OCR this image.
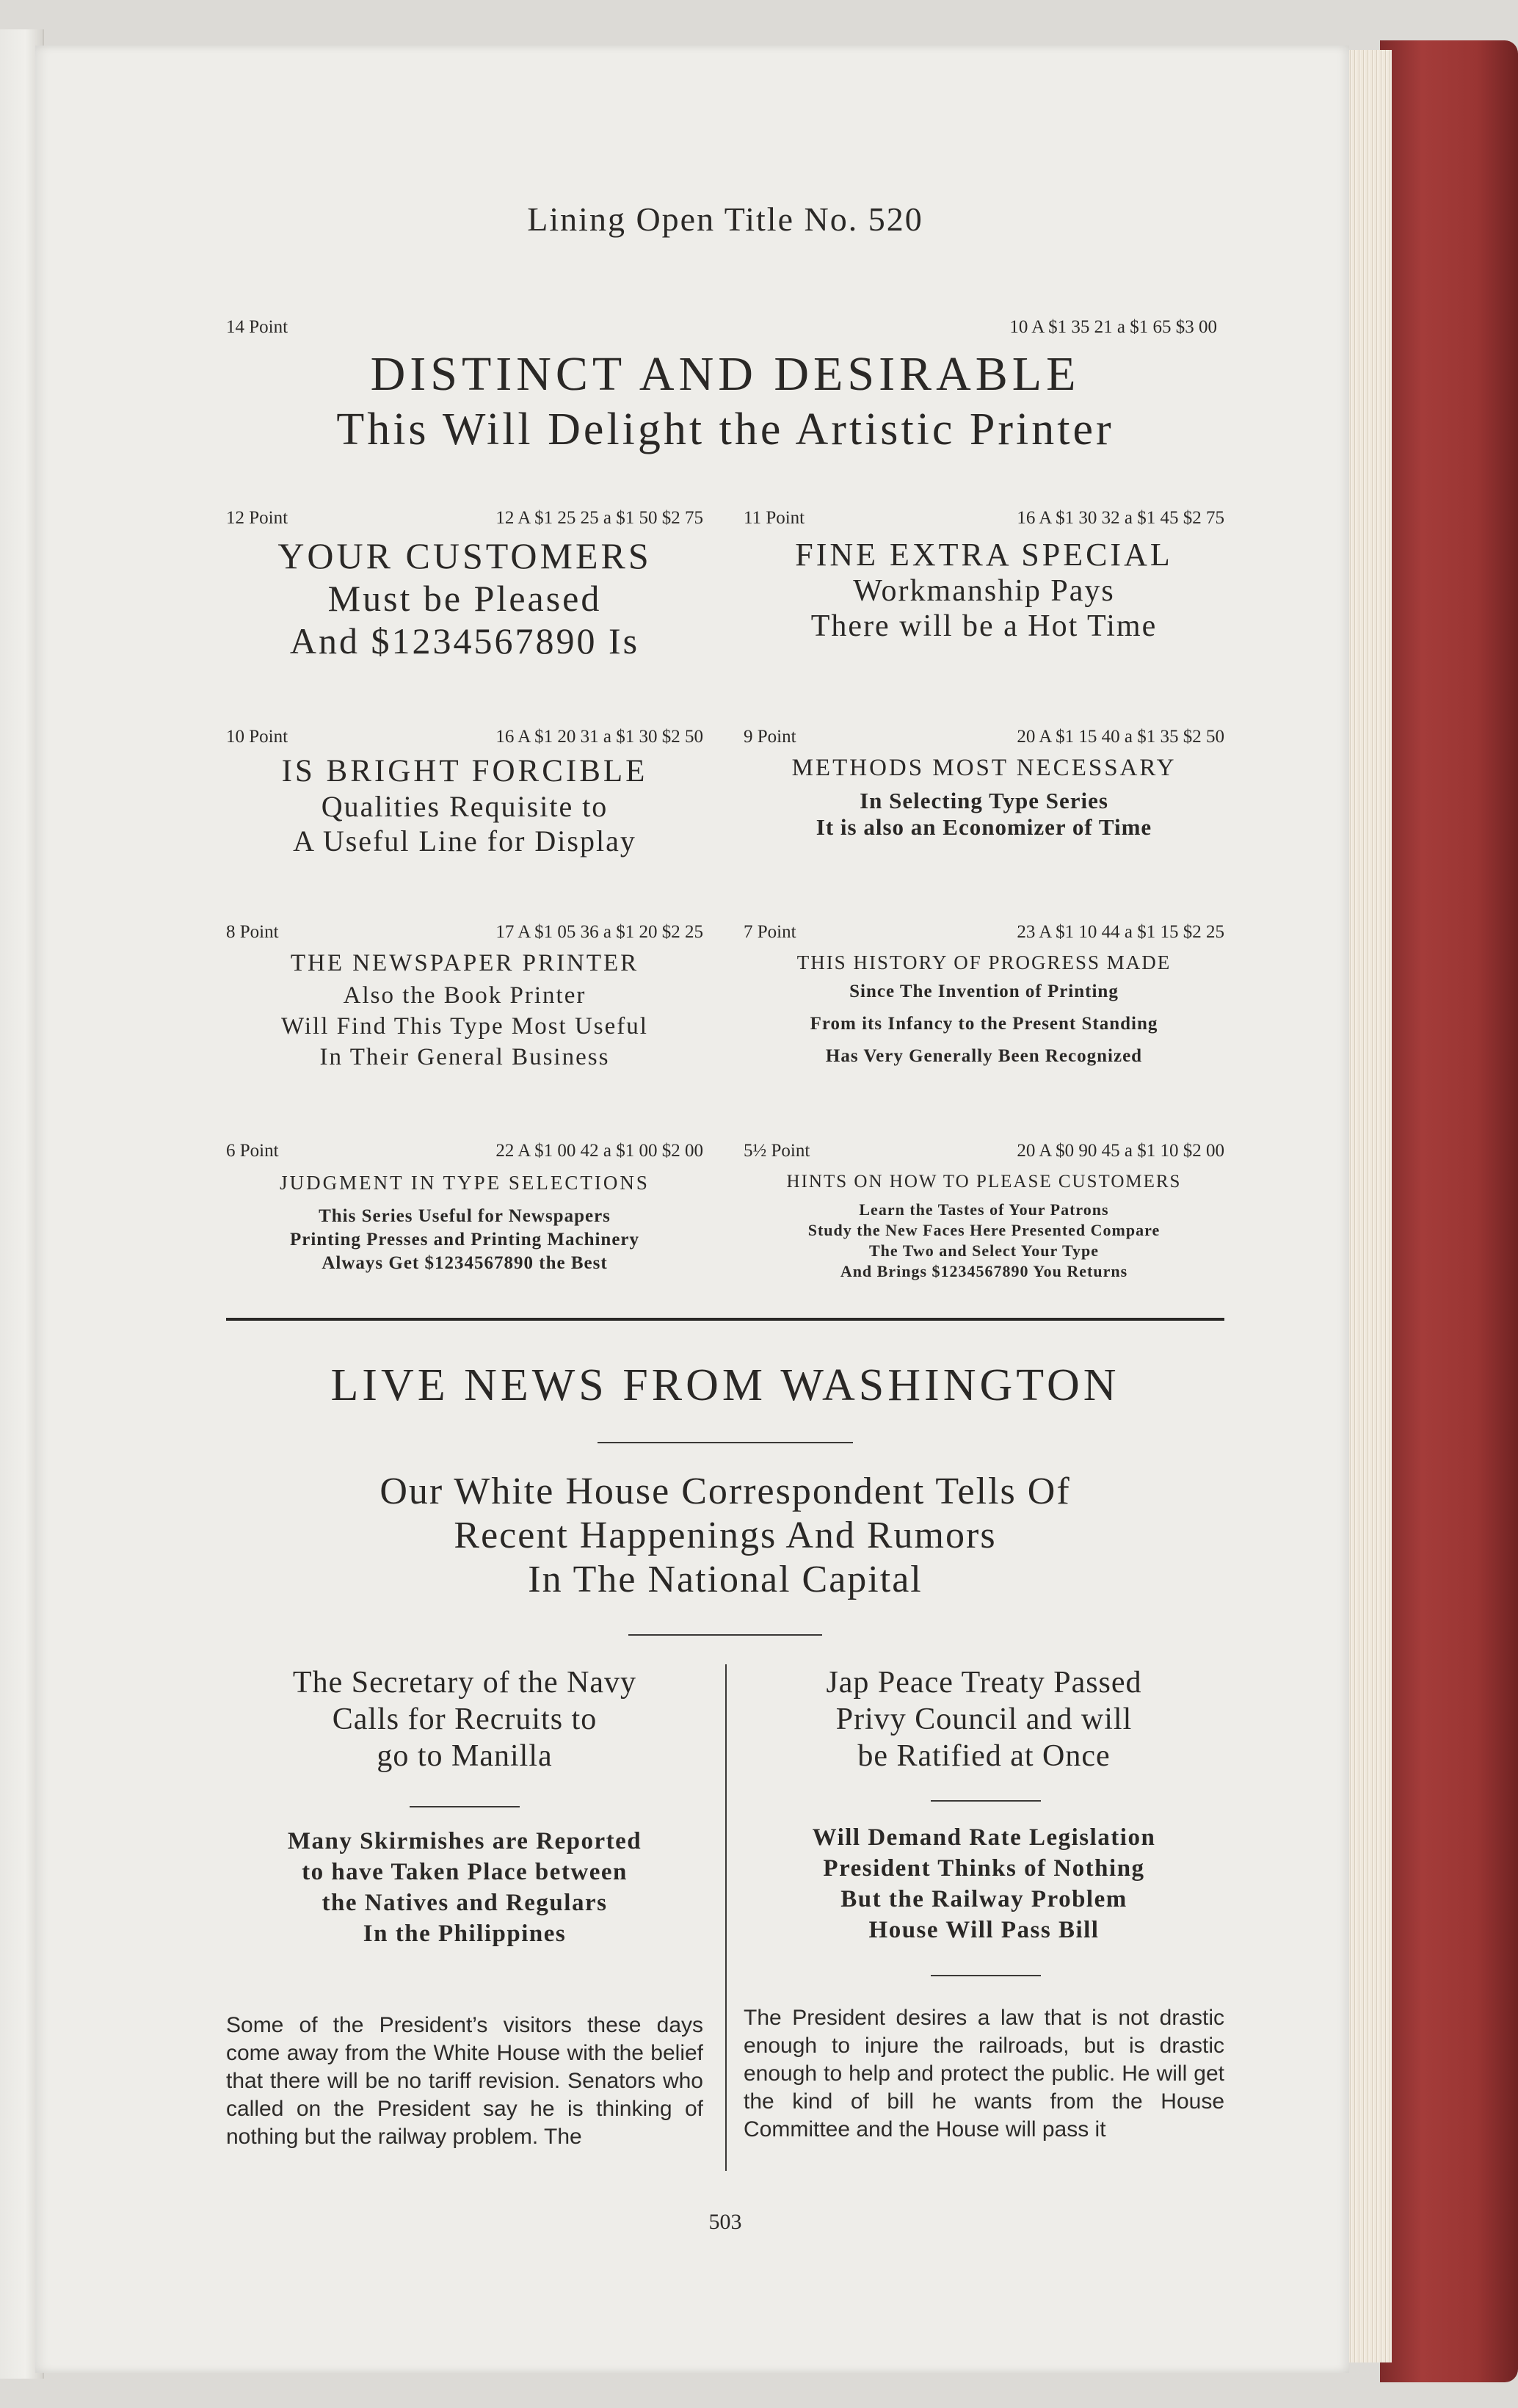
Lining Open Title No. 520
14 Point	10 A $1 35 21 a $1 65 $3 00
DISTINCT AND DESIRABLE
This Will Delight the Artistic Printer
12 Point	12 A $1 25 25 a $1 50 $2 75
YOUR CUSTOMERS
Must be Pleased
And $1234567890 Is
11 Point	16 A $1 30 32 a $1 45 $2 75
FINE EXTRA SPECIAL
Workmanship Pays
There will be a Hot Time
10 Point	16 A $1 20 31 a $1 30 $2 50
IS BRIGHT FORCIBLE
Qualities Requisite to
A Useful Line for Display
9 Point	20 A $1 15 40 a $1 35 $2 50
METHODS MOST NECESSARY
In Selecting Type Series
It is also an Economizer of Time
8 Point	17 A $1 05 36 a $1 20 $2 25
THE NEWSPAPER PRINTER
Also the Book Printer
Will Find This Type Most Useful
In Their General Business
7 Point	23 A $1 10 44 a $1 15 $2 25
THIS HISTORY OF PROGRESS MADE
Since The Invention of Printing
From its Infancy to the Present Standing
Has Very Generally Been Recognized
6 Point	22 A $1 00 42 a $1 00 $2 00
JUDGMENT IN TYPE SELECTIONS
This Series Useful for Newspapers
Printing Presses and Printing Machinery
Always Get $1234567890 the Best
5½ Point	20 A $0 90 45 a $1 10 $2 00
HINTS ON HOW TO PLEASE CUSTOMERS
Learn the Tastes of Your Patrons
Study the New Faces Here Presented Compare
The Two and Select Your Type
And Brings $1234567890 You Returns
LIVE NEWS FROM WASHINGTON
Our White House Correspondent Tells Of
Recent Happenings And Rumors
In The National Capital
The Secretary of the Navy
Calls for Recruits to
go to Manilla
Many Skirmishes are Reported
to have Taken Place between
the Natives and Regulars
In the Philippines
Some of the President’s visitors these days come away from the White House with the belief that there will be no tariff revision. Senators who called on the President say he is thinking of nothing but the railway problem. The
Jap Peace Treaty Passed
Privy Council and will
be Ratified at Once
Will Demand Rate Legislation
President Thinks of Nothing
But the Railway Problem
House Will Pass Bill
The President desires a law that is not drastic enough to injure the railroads, but is drastic enough to help and protect the public. He will get the kind of bill he wants from the House Committee and the House will pass it
503
